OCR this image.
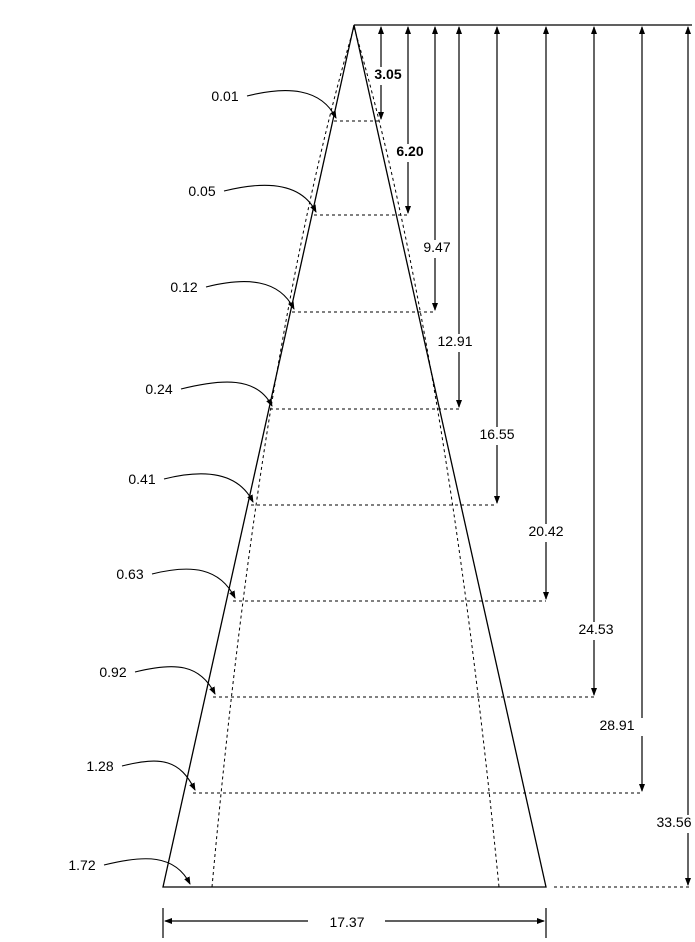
0.01
0.05
0.12
0.24
0.41
0.63
0.92
1.28
1.72
3.05
6.20
9.47
12.91
16.55
20.42
24.53
28.91
33.56
17.37
